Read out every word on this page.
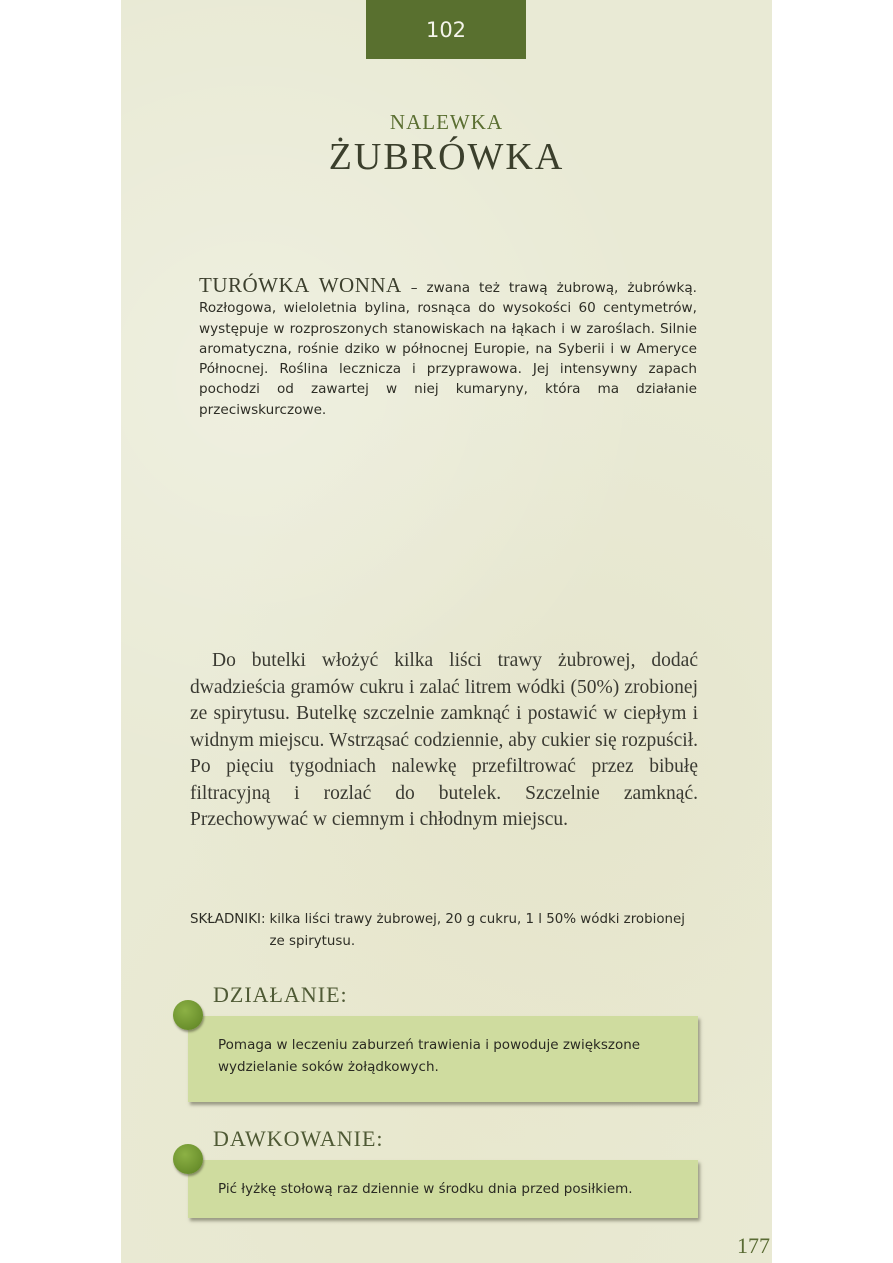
102
NALEWKA
ŻUBRÓWKA
TURÓWKA WONNA – zwana też trawą żubrową, żubrówką. Rozłogowa, wieloletnia bylina, rosnąca do wysokości 60 centymetrów, występuje w rozproszonych stanowiskach na łąkach i w zaroślach. Silnie aromatyczna, rośnie dziko w północnej Europie, na Syberii i w Ameryce Północnej. Roślina lecznicza i przyprawowa. Jej intensywny zapach pochodzi od zawartej w niej kumaryny, która ma działanie przeciwskurczowe.
Do butelki włożyć kilka liści trawy żubrowej, dodać dwadzieścia gramów cukru i zalać litrem wódki (50%) zrobionej ze spirytusu. Butelkę szczelnie zamknąć i postawić w ciepłym i widnym miejscu. Wstrząsać codziennie, aby cukier się rozpuścił. Po pięciu tygodniach nalewkę przefiltrować przez bibułę filtracyjną i rozlać do butelek. Szczelnie zamknąć. Przechowywać w ciemnym i chłodnym miejscu.
SKŁADNIKI: kilka liści trawy żubrowej, 20 g cukru, 1 l 50% wódki zrobionej ze spirytusu.
DZIAŁANIE:
Pomaga w leczeniu zaburzeń trawienia i powoduje zwiększone wydzielanie soków żołądkowych.
DAWKOWANIE:
Pić łyżkę stołową raz dziennie w środku dnia przed posiłkiem.
177
